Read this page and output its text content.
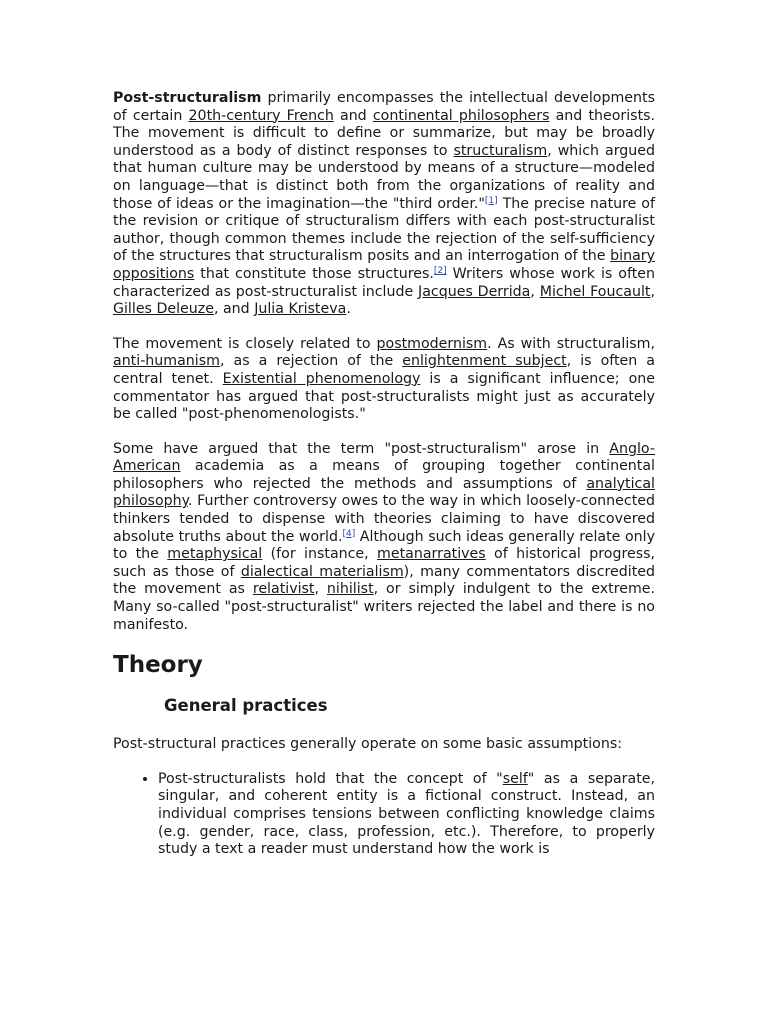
Post-structuralism primarily encompasses the intellectual developments of certain 20th-century French and continental philosophers and theorists. The movement is difficult to define or summarize, but may be broadly understood as a body of distinct responses to structuralism, which argued that human culture may be understood by means of a structure—modeled on language—that is distinct both from the organizations of reality and those of ideas or the imagination—the "third order."[1] The precise nature of the revision or critique of structuralism differs with each post-structuralist author, though common themes include the rejection of the self-sufficiency of the structures that structuralism posits and an interrogation of the binary oppositions that constitute those structures.[2] Writers whose work is often characterized as post-structuralist include Jacques Derrida, Michel Foucault, Gilles Deleuze, and Julia Kristeva.

The movement is closely related to postmodernism. As with structuralism, anti-humanism, as a rejection of the enlightenment subject, is often a central tenet. Existential phenomenology is a significant influence; one commentator has argued that post-structuralists might just as accurately be called "post-phenomenologists."

Some have argued that the term "post-structuralism" arose in Anglo-American academia as a means of grouping together continental philosophers who rejected the methods and assumptions of analytical philosophy. Further controversy owes to the way in which loosely-connected thinkers tended to dispense with theories claiming to have discovered absolute truths about the world.[4] Although such ideas generally relate only to the metaphysical (for instance, metanarratives of historical progress, such as those of dialectical materialism), many commentators discredited the movement as relativist, nihilist, or simply indulgent to the extreme. Many so-called "post-structuralist" writers rejected the label and there is no manifesto.

Theory
General practices

Post-structural practices generally operate on some basic assumptions:

• Post-structuralists hold that the concept of "self" as a separate, singular, and coherent entity is a fictional construct. Instead, an individual comprises tensions between conflicting knowledge claims (e.g. gender, race, class, profession, etc.). Therefore, to properly study a text a reader must understand how the work is
